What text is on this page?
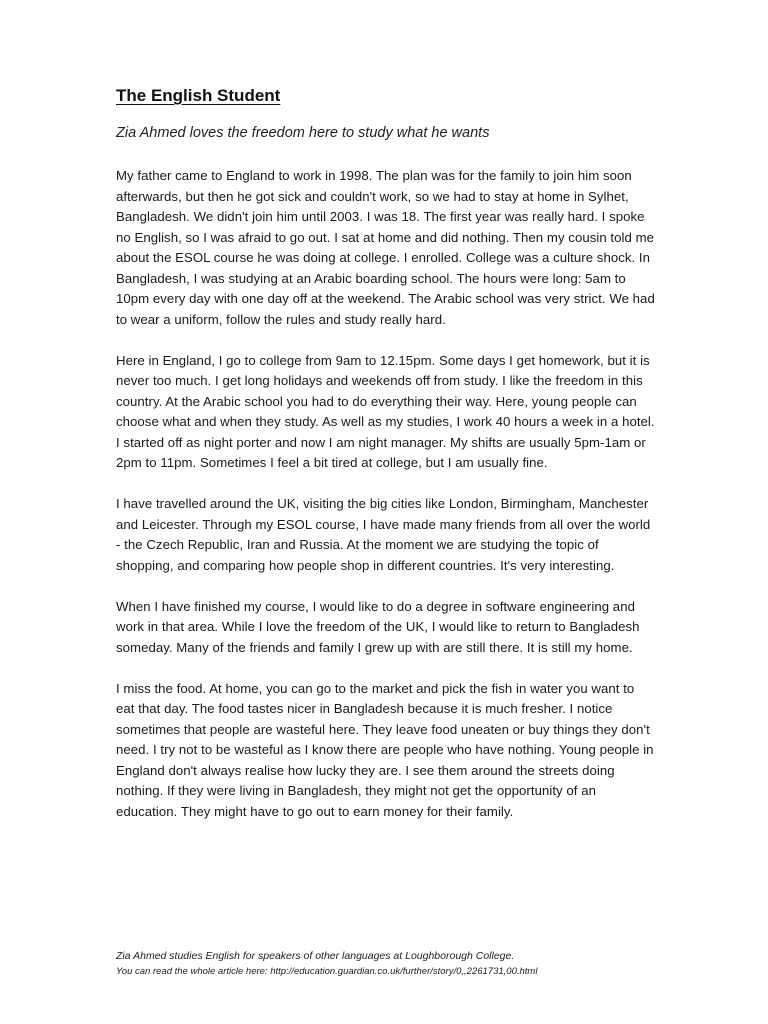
The English Student

Zia Ahmed loves the freedom here to study what he wants

My father came to England to work in 1998. The plan was for the family to join him soon afterwards, but then he got sick and couldn't work, so we had to stay at home in Sylhet, Bangladesh. We didn't join him until 2003. I was 18. The first year was really hard. I spoke no English, so I was afraid to go out. I sat at home and did nothing. Then my cousin told me about the ESOL course he was doing at college. I enrolled. College was a culture shock. In Bangladesh, I was studying at an Arabic boarding school. The hours were long: 5am to 10pm every day with one day off at the weekend. The Arabic school was very strict. We had to wear a uniform, follow the rules and study really hard.

Here in England, I go to college from 9am to 12.15pm. Some days I get homework, but it is never too much. I get long holidays and weekends off from study. I like the freedom in this country. At the Arabic school you had to do everything their way. Here, young people can choose what and when they study. As well as my studies, I work 40 hours a week in a hotel. I started off as night porter and now I am night manager. My shifts are usually 5pm-1am or 2pm to 11pm. Sometimes I feel a bit tired at college, but I am usually fine.

I have travelled around the UK, visiting the big cities like London, Birmingham, Manchester and Leicester. Through my ESOL course, I have made many friends from all over the world - the Czech Republic, Iran and Russia. At the moment we are studying the topic of shopping, and comparing how people shop in different countries. It's very interesting.

When I have finished my course, I would like to do a degree in software engineering and work in that area. While I love the freedom of the UK, I would like to return to Bangladesh someday. Many of the friends and family I grew up with are still there. It is still my home.

I miss the food. At home, you can go to the market and pick the fish in water you want to eat that day. The food tastes nicer in Bangladesh because it is much fresher. I notice sometimes that people are wasteful here. They leave food uneaten or buy things they don't need. I try not to be wasteful as I know there are people who have nothing. Young people in England don't always realise how lucky they are. I see them around the streets doing nothing. If they were living in Bangladesh, they might not get the opportunity of an education. They might have to go out to earn money for their family.

Zia Ahmed studies English for speakers of other languages at Loughborough College.

You can read the whole article here: http://education.guardian.co.uk/further/story/0,,2261731,00.html
